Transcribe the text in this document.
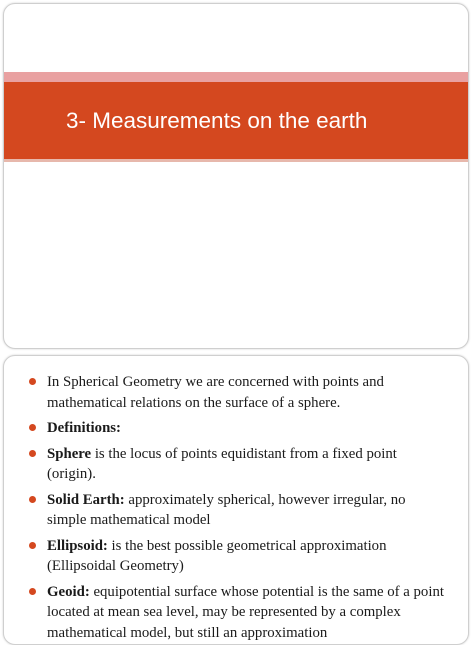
3- Measurements on the earth
In Spherical Geometry we are concerned with points and mathematical relations on the surface of a sphere.
Definitions:
Sphere is the locus of points equidistant from a fixed point (origin).
Solid Earth: approximately spherical, however irregular, no simple mathematical model
Ellipsoid: is the best possible geometrical approximation (Ellipsoidal Geometry)
Geoid: equipotential surface whose potential is the same of a point located at mean sea level, may be represented by a complex mathematical model, but still an approximation
